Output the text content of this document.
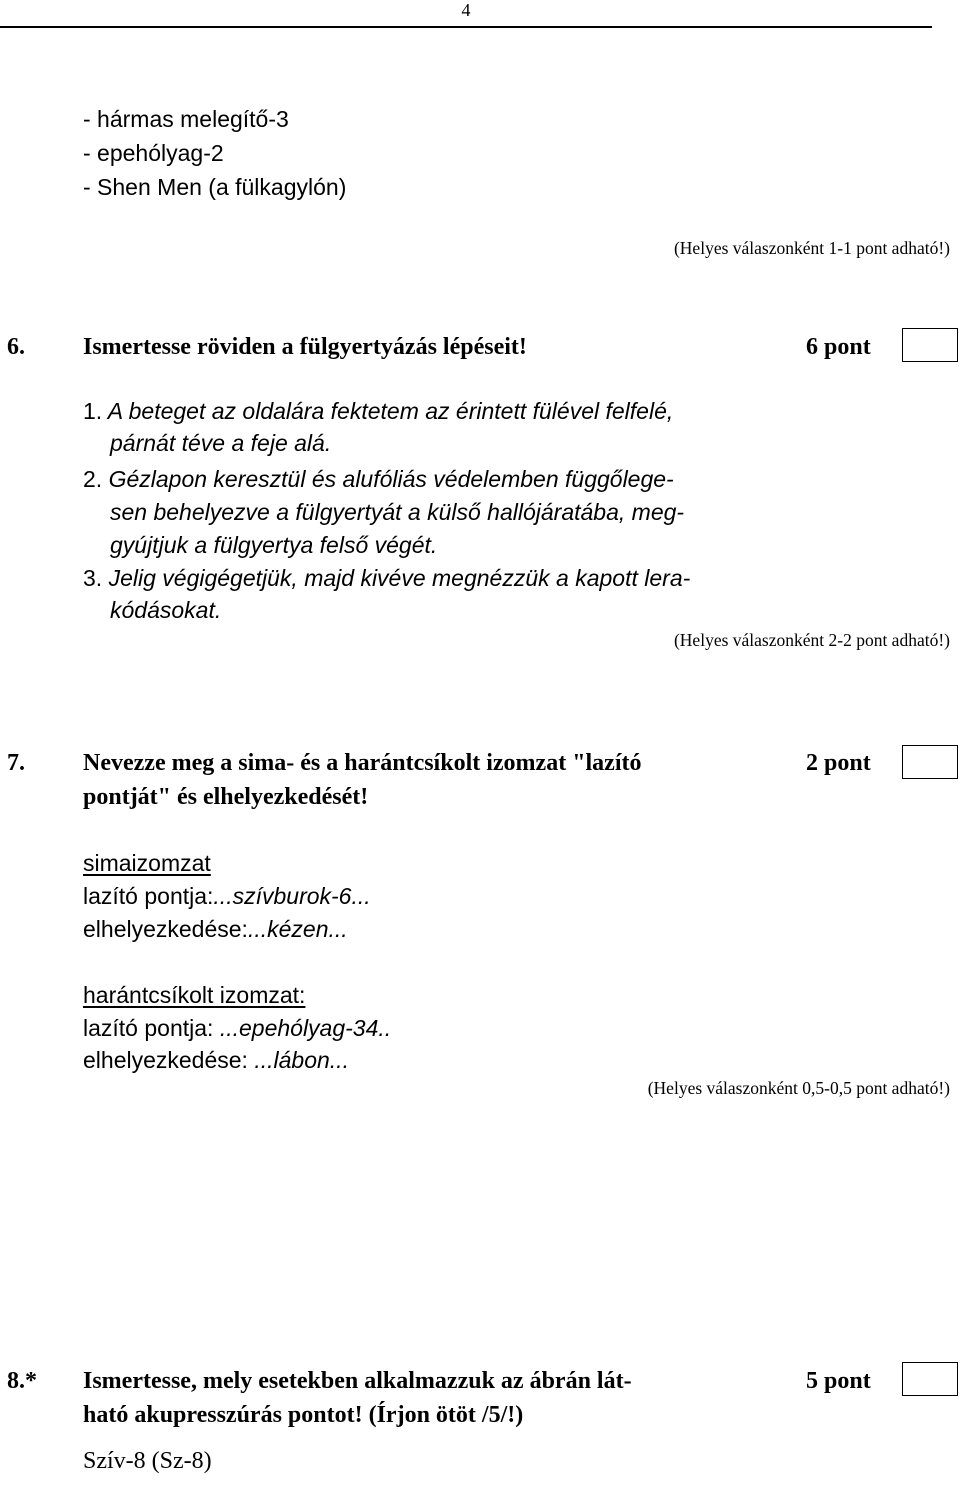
4
- hármas melegítő-3
- epehólyag-2
- Shen Men (a fülkagylón)
(Helyes válaszonként 1-1 pont adható!)
6. Ismertesse röviden a fülgyertyázás lépéseit!	6 pont
1. A beteget az oldalára fektetem az érintett fülével felfelé,
párnát téve a feje alá.
2. Gézlapon keresztül és alufóliás védelemben függőlege-
sen behelyezve a fülgyertyát a külső hallójáratába, meg-
gyújtjuk a fülgyertya felső végét.
3. Jelig végigégetjük, majd kivéve megnézzük a kapott lera-
kódásokat.
(Helyes válaszonként 2-2 pont adható!)
7. Nevezze meg a sima- és a harántcsíkolt izomzat "lazító
pontját" és elhelyezkedését!
2 pont
simaizomzat
lazító pontja:...szívburok-6...
elhelyezkedése:...kézen...
harántcsíkolt izomzat:
lazító pontja: ...epehólyag-34..
elhelyezkedése: ...lábon...
(Helyes válaszonként 0,5-0,5 pont adható!)
8.* Ismertesse, mely esetekben alkalmazzuk az ábrán lát-
ható akupresszúrás pontot! (Írjon ötöt /5/!)
5 pont
Szív-8 (Sz-8)
